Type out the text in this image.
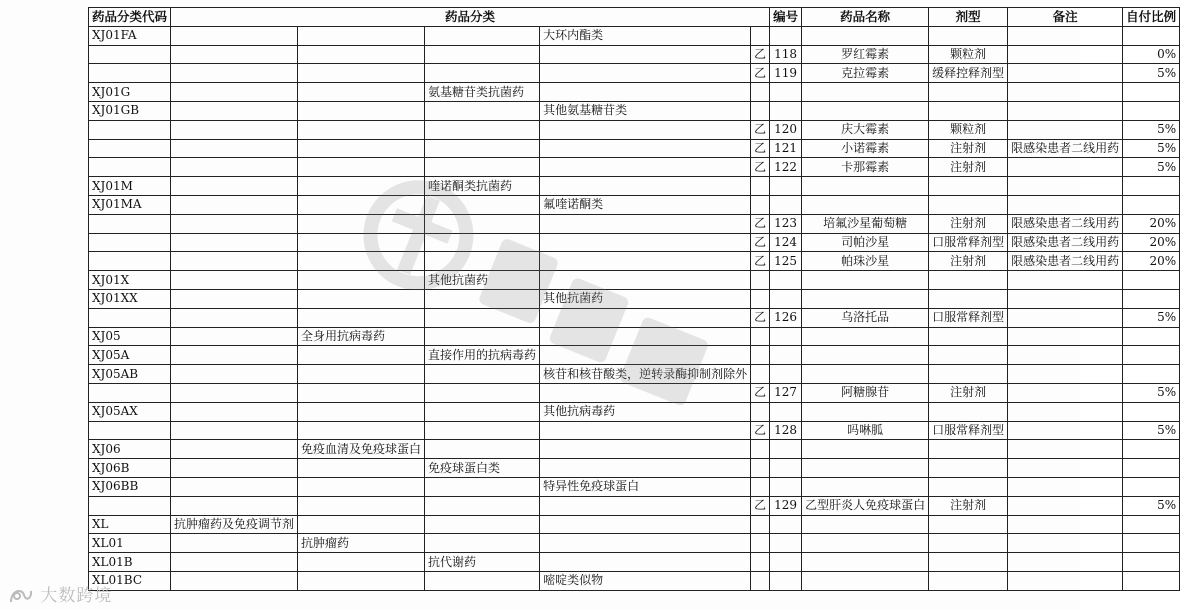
药品分类代码	药品分类					编号	药品名称	剂型	备注	自付比例
XJ01FA				大环内酯类						
					乙	118	罗红霉素	颗粒剂		0%
					乙	119	克拉霉素	缓释控释剂型		5%
XJ01G			氨基糖苷类抗菌药							
XJ01GB				其他氨基糖苷类						
					乙	120	庆大霉素	颗粒剂		5%
					乙	121	小诺霉素	注射剂	限感染患者二线用药	5%
					乙	122	卡那霉素	注射剂		5%
XJ01M			喹诺酮类抗菌药							
XJ01MA				氟喹诺酮类						
					乙	123	培氟沙星葡萄糖	注射剂	限感染患者二线用药	20%
					乙	124	司帕沙星	口服常释剂型	限感染患者二线用药	20%
					乙	125	帕珠沙星	注射剂	限感染患者二线用药	20%
XJ01X			其他抗菌药							
XJ01XX				其他抗菌药						
					乙	126	乌洛托品	口服常释剂型		5%
XJ05		全身用抗病毒药								
XJ05A			直接作用的抗病毒药							
XJ05AB				核苷和核苷酸类，逆转录酶抑制剂除外						
					乙	127	阿糖腺苷	注射剂		5%
XJ05AX				其他抗病毒药						
					乙	128	吗啉胍	口服常释剂型		5%
XJ06		免疫血清及免疫球蛋白								
XJ06B			免疫球蛋白类							
XJ06BB				特异性免疫球蛋白						
					乙	129	乙型肝炎人免疫球蛋白	注射剂		5%
XL	抗肿瘤药及免疫调节剂									
XL01		抗肿瘤药								
XL01B			抗代谢药							
XL01BC				嘧啶类似物						
大数跨境
